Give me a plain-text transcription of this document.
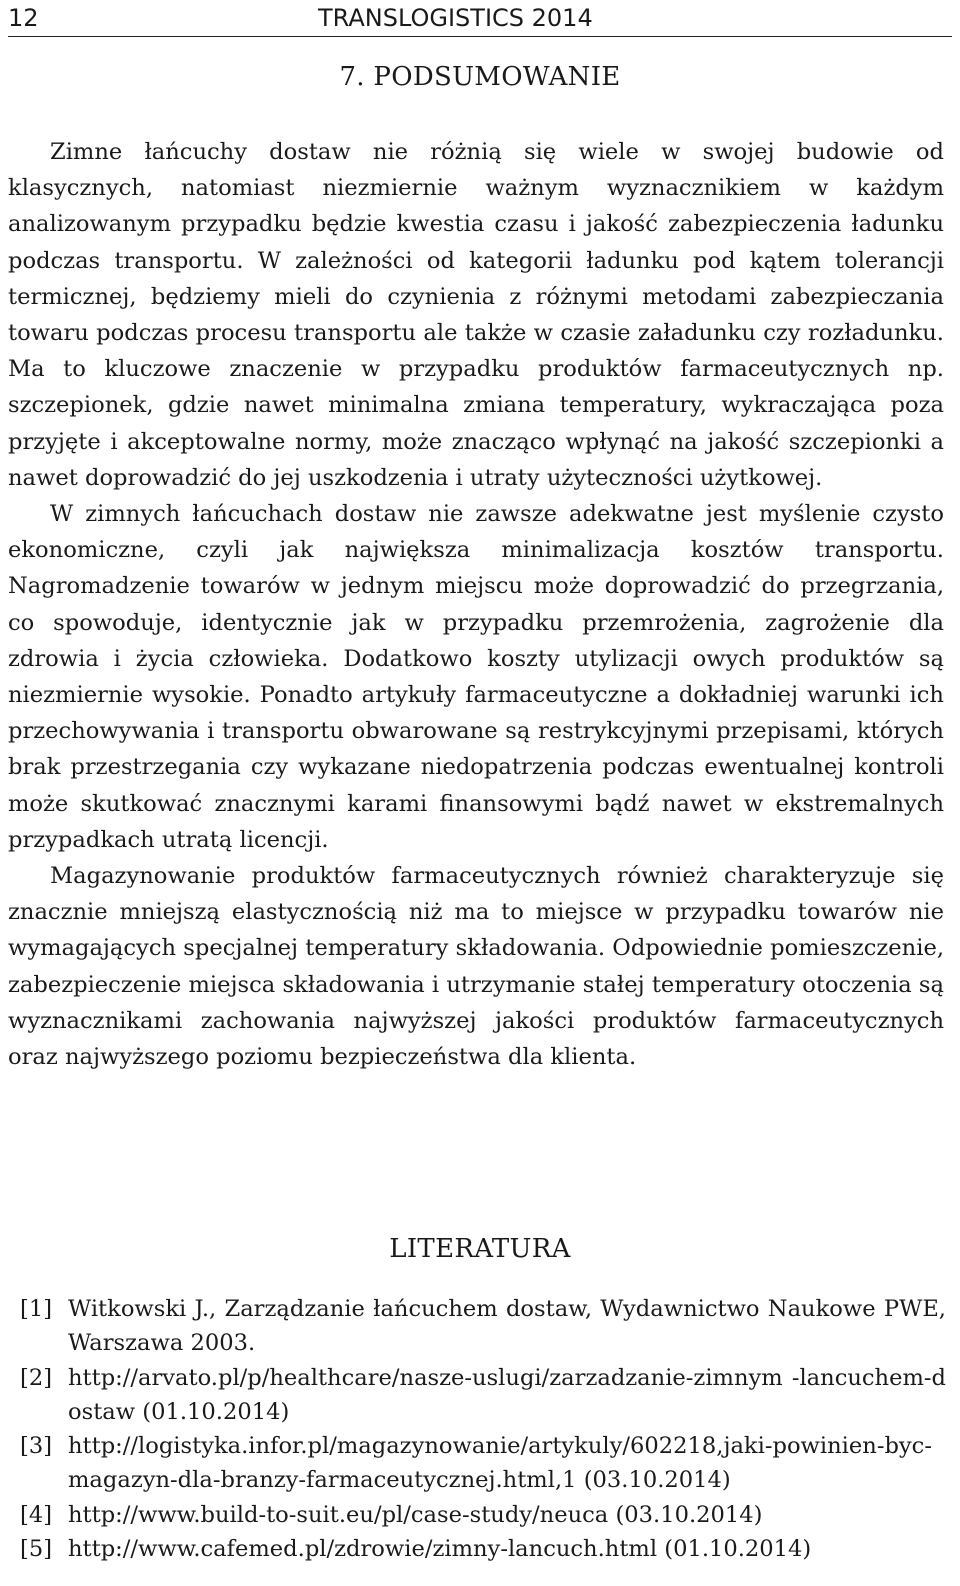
12	TRANSLOGISTICS 2014
7. PODSUMOWANIE

Zimne łańcuchy dostaw nie różnią się wiele w swojej budowie od klasycznych, natomiast niezmiernie ważnym wyznacznikiem w każdym analizowanym przypadku będzie kwestia czasu i jakość zabezpieczenia ładunku podczas transportu. W zależności od kategorii ładunku pod kątem tolerancji termicznej, będziemy mieli do czynienia z różnymi metodami zabezpieczania towaru podczas procesu transportu ale także w czasie załadunku czy rozładunku. Ma to kluczowe znaczenie w przypadku produktów farmaceutycznych np. szczepionek, gdzie nawet minimalna zmiana temperatury, wykraczająca poza przyjęte i akceptowalne normy, może znacząco wpłynąć na jakość szczepionki a nawet doprowadzić do jej uszkodzenia i utraty użyteczności użytkowej.

W zimnych łańcuchach dostaw nie zawsze adekwatne jest myślenie czysto ekonomiczne, czyli jak największa minimalizacja kosztów transportu. Nagromadzenie towarów w jednym miejscu może doprowadzić do przegrzania, co spowoduje, identycznie jak w przypadku przemrożenia, zagrożenie dla zdrowia i życia człowieka. Dodatkowo koszty utylizacji owych produktów są niezmiernie wysokie. Ponadto artykuły farmaceutyczne a dokładniej warunki ich przechowywania i transportu obwarowane są restrykcyjnymi przepisami, których brak przestrzegania czy wykazane niedopatrzenia podczas ewentualnej kontroli może skutkować znacznymi karami finansowymi bądź nawet w ekstremalnych przypadkach utratą licencji.

Magazynowanie produktów farmaceutycznych również charakteryzuje się znacznie mniejszą elastycznością niż ma to miejsce w przypadku towarów nie wymagających specjalnej temperatury składowania. Odpowiednie pomieszczenie, zabezpieczenie miejsca składowania i utrzymanie stałej temperatury otoczenia są wyznacznikami zachowania najwyższej jakości produktów farmaceutycznych oraz najwyższego poziomu bezpieczeństwa dla klienta.

LITERATURA
[1] Witkowski J., Zarządzanie łańcuchem dostaw, Wydawnictwo Naukowe PWE, Warszawa 2003.
[2] http://arvato.pl/p/healthcare/nasze-uslugi/zarzadzanie-zimnym -lancuchem-dostaw (01.10.2014)
[3] http://logistyka.infor.pl/magazynowanie/artykuly/602218,jaki-powinien-byc-magazyn-dla-branzy-farmaceutycznej.html,1 (03.10.2014)
[4] http://www.build-to-suit.eu/pl/case-study/neuca (03.10.2014)
[5] http://www.cafemed.pl/zdrowie/zimny-lancuch.html (01.10.2014)
